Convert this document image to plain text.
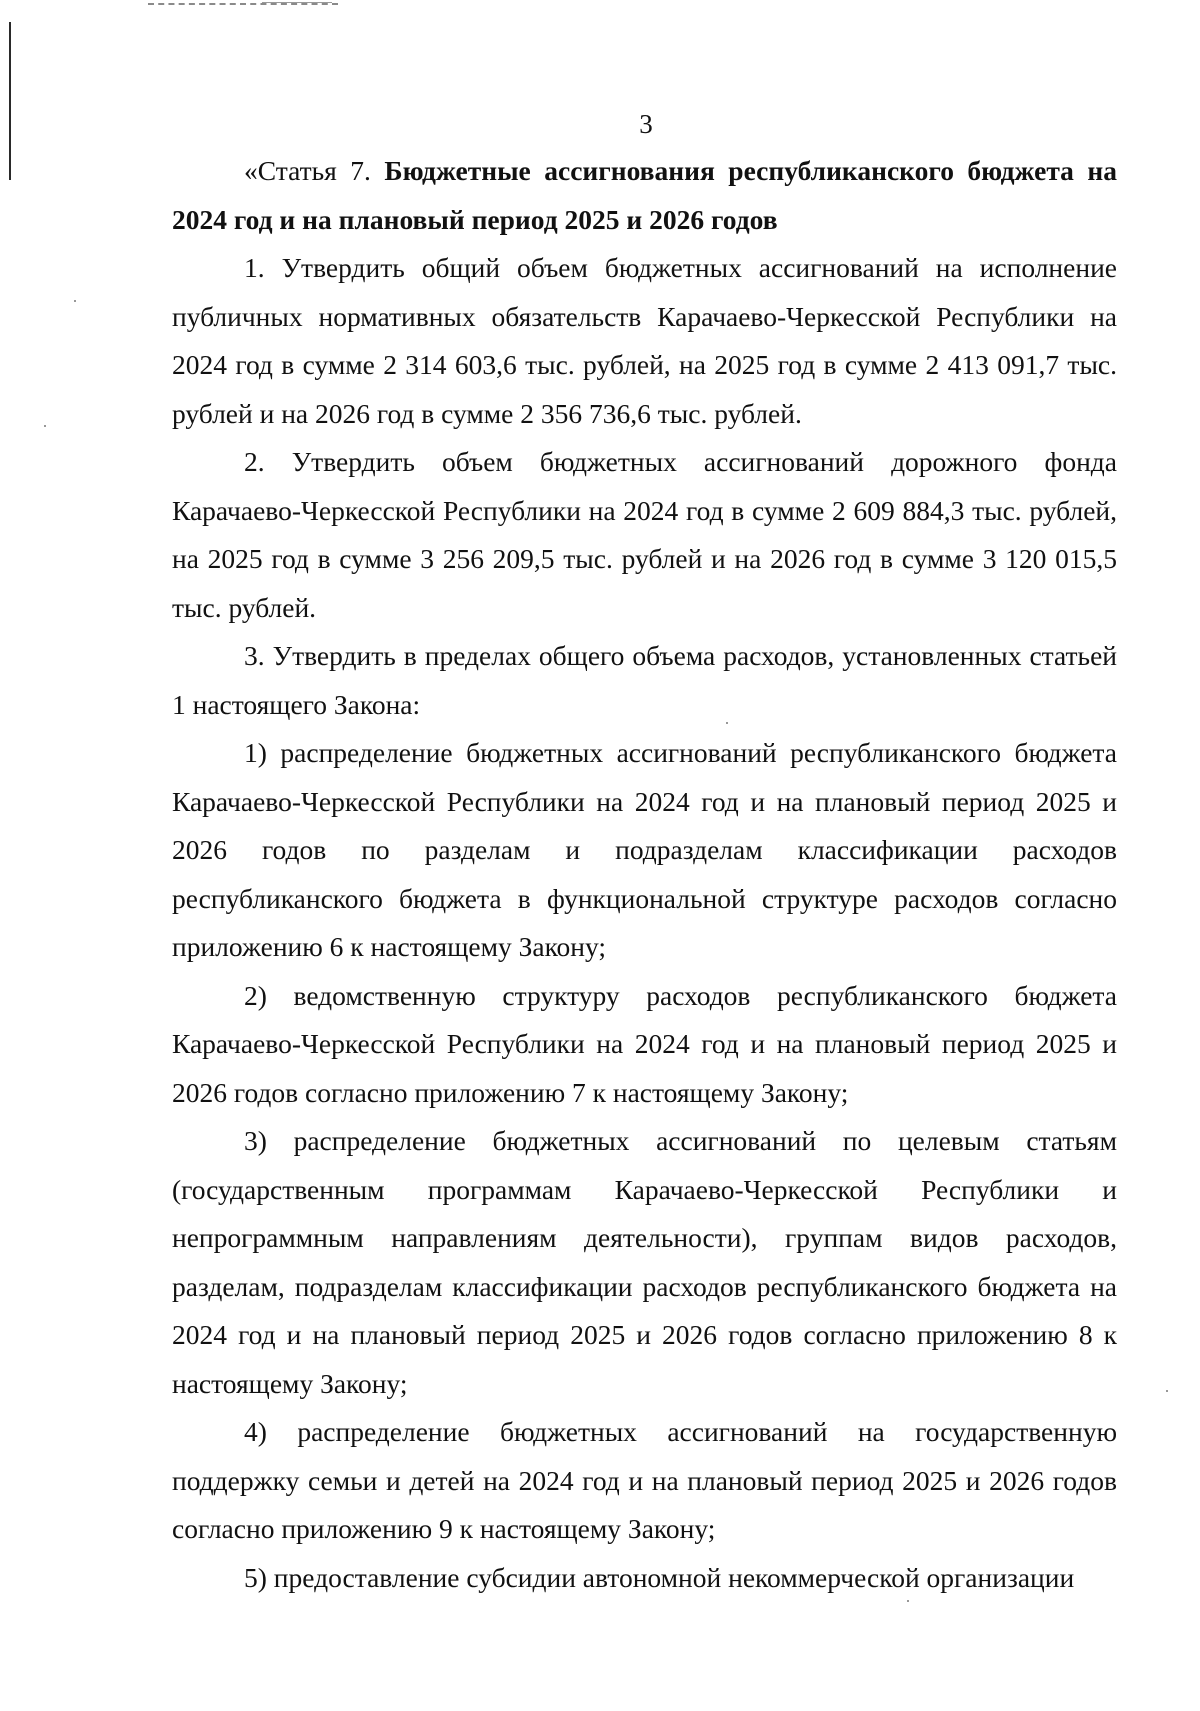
3

«Статья 7. Бюджетные ассигнования республиканского бюджета на 2024 год и на плановый период 2025 и 2026 годов

1. Утвердить общий объем бюджетных ассигнований на исполнение публичных нормативных обязательств Карачаево-Черкесской Республики на 2024 год в сумме 2 314 603,6 тыс. рублей, на 2025 год в сумме 2 413 091,7 тыс. рублей и на 2026 год в сумме 2 356 736,6 тыс. рублей.

2. Утвердить объем бюджетных ассигнований дорожного фонда Карачаево-Черкесской Республики на 2024 год в сумме 2 609 884,3 тыс. рублей, на 2025 год в сумме 3 256 209,5 тыс. рублей и на 2026 год в сумме 3 120 015,5 тыс. рублей.

3. Утвердить в пределах общего объема расходов, установленных статьей 1 настоящего Закона:

1) распределение бюджетных ассигнований республиканского бюджета Карачаево-Черкесской Республики на 2024 год и на плановый период 2025 и 2026 годов по разделам и подразделам классификации расходов республиканского бюджета в функциональной структуре расходов согласно приложению 6 к настоящему Закону;

2) ведомственную структуру расходов республиканского бюджета Карачаево-Черкесской Республики на 2024 год и на плановый период 2025 и 2026 годов согласно приложению 7 к настоящему Закону;

3) распределение бюджетных ассигнований по целевым статьям (государственным программам Карачаево-Черкесской Республики и непрограммным направлениям деятельности), группам видов расходов, разделам, подразделам классификации расходов республиканского бюджета на 2024 год и на плановый период 2025 и 2026 годов согласно приложению 8 к настоящему Закону;

4) распределение бюджетных ассигнований на государственную поддержку семьи и детей на 2024 год и на плановый период 2025 и 2026 годов согласно приложению 9 к настоящему Закону;

5) предоставление субсидии автономной некоммерческой организации
